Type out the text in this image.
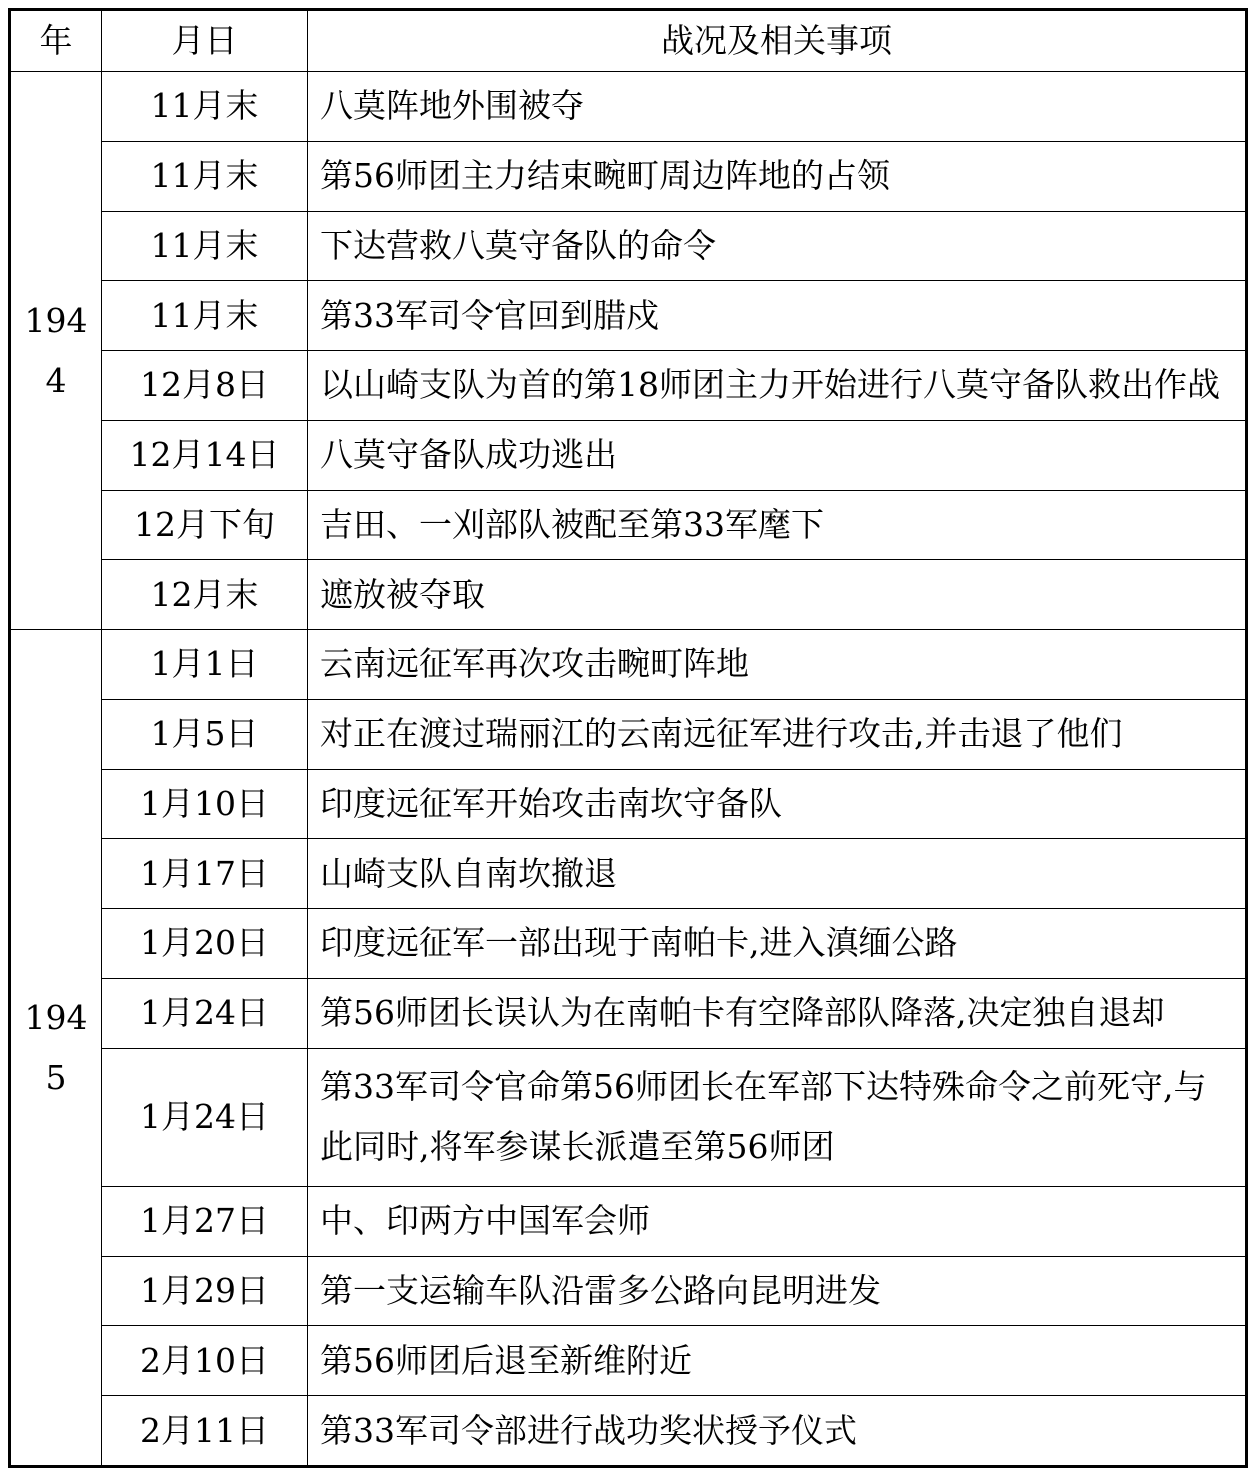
年	月日	战况及相关事项
1944	11月末	八莫阵地外围被夺
	11月末	第56师团主力结束畹町周边阵地的占领
	11月末	下达营救八莫守备队的命令
	11月末	第33军司令官回到腊戍
	12月8日	以山崎支队为首的第18师团主力开始进行八莫守备队救出作战
	12月14日	八莫守备队成功逃出
	12月下旬	吉田、一刈部队被配至第33军麾下
	12月末	遮放被夺取
1945	1月1日	云南远征军再次攻击畹町阵地
	1月5日	对正在渡过瑞丽江的云南远征军进行攻击,并击退了他们
	1月10日	印度远征军开始攻击南坎守备队
	1月17日	山崎支队自南坎撤退
	1月20日	印度远征军一部出现于南帕卡,进入滇缅公路
	1月24日	第56师团长误认为在南帕卡有空降部队降落,决定独自退却
	1月24日	第33军司令官命第56师团长在军部下达特殊命令之前死守,与此同时,将军参谋长派遣至第56师团
	1月27日	中、印两方中国军会师
	1月29日	第一支运输车队沿雷多公路向昆明进发
	2月10日	第56师团后退至新维附近
	2月11日	第33军司令部进行战功奖状授予仪式
